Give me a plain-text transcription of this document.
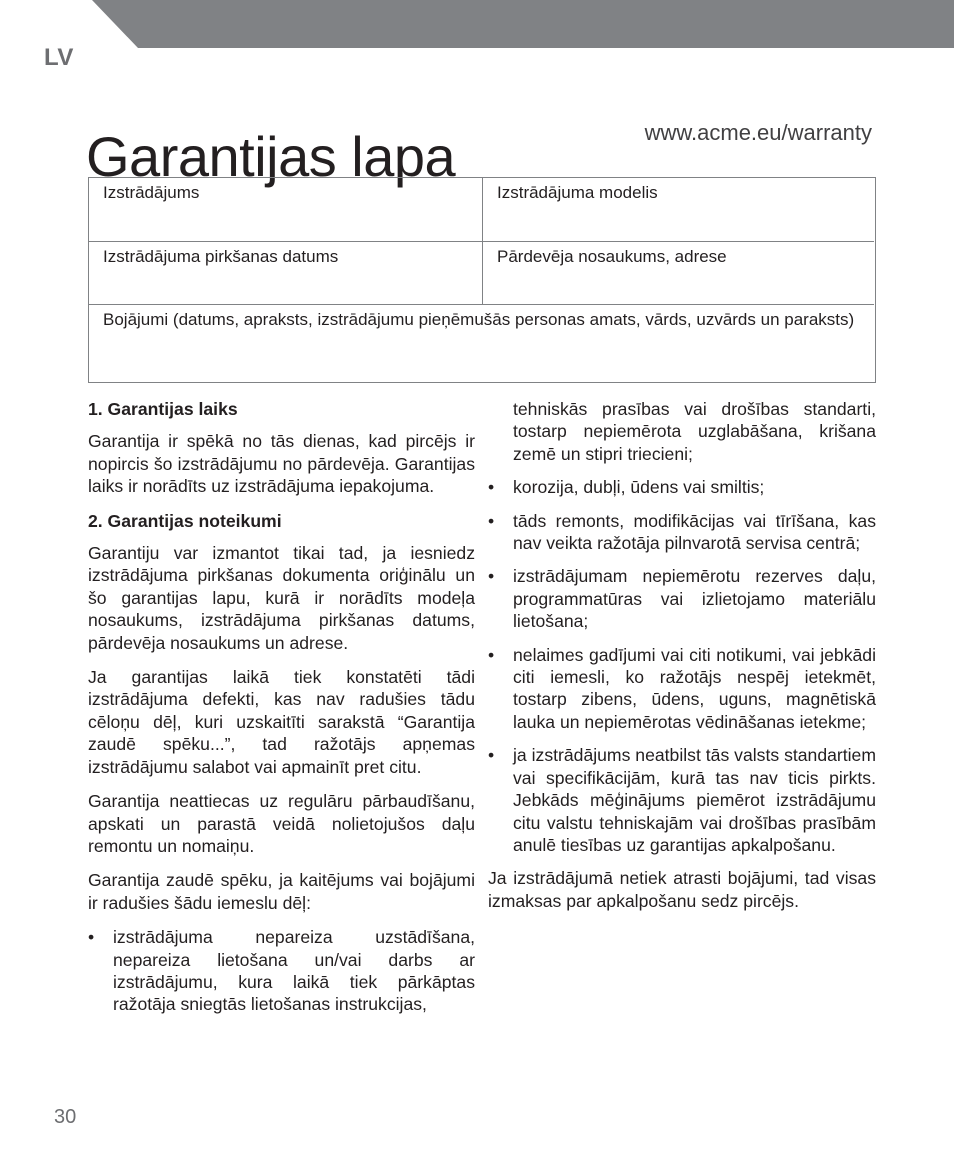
LV
Garantijas lapa	www.acme.eu/warranty
Izstrādājums	Izstrādājuma modelis
Izstrādājuma pirkšanas datums	Pārdevēja nosaukums, adrese
Bojājumi (datums, apraksts, izstrādājumu pieņēmušās personas amats, vārds, uzvārds un paraksts)
1. Garantijas laiks

Garantija ir spēkā no tās dienas, kad pircējs ir nopircis šo izstrādājumu no pārdevēja. Garantijas laiks ir norādīts uz izstrādājuma iepakojuma.

2. Garantijas noteikumi

Garantiju var izmantot tikai tad, ja iesniedz izstrādājuma pirkšanas dokumenta oriģinālu un šo garantijas lapu, kurā ir norādīts modeļa nosaukums, izstrādājuma pirkšanas datums, pārdevēja nosaukums un adrese.

Ja garantijas laikā tiek konstatēti tādi izstrādājuma defekti, kas nav radušies tādu cēloņu dēļ, kuri uzskaitīti sarakstā “Garantija zaudē spēku...”, tad ražotājs apņemas izstrādājumu salabot vai apmainīt pret citu.

Garantija neattiecas uz regulāru pārbaudīšanu, apskati un parastā veidā nolietojušos daļu remontu un nomaiņu.

Garantija zaudē spēku, ja kaitējums vai bojājumi ir radušies šādu iemeslu dēļ:

• izstrādājuma nepareiza uzstādīšana, nepareiza lietošana un/vai darbs ar izstrādājumu, kura laikā tiek pārkāptas ražotāja sniegtās lietošanas instrukcijas,
tehniskās prasības vai drošības standarti, tostarp nepiemērota uzglabāšana, krišana zemē un stipri triecieni;
• korozija, dubļi, ūdens vai smiltis;
• tāds remonts, modifikācijas vai tīrīšana, kas nav veikta ražotāja pilnvarotā servisa centrā;
• izstrādājumam nepiemērotu rezerves daļu, programmatūras vai izlietojamo materiālu lietošana;
• nelaimes gadījumi vai citi notikumi, vai jebkādi citi iemesli, ko ražotājs nespēj ietekmēt, tostarp zibens, ūdens, uguns, magnētiskā lauka un nepiemērotas vēdināšanas ietekme;
• ja izstrādājums neatbilst tās valsts standartiem vai specifikācijām, kurā tas nav ticis pirkts. Jebkāds mēģinājums piemērot izstrādājumu citu valstu tehniskajām vai drošības prasībām anulē tiesības uz garantijas apkalpošanu.

Ja izstrādājumā netiek atrasti bojājumi, tad visas izmaksas par apkalpošanu sedz pircējs.

30
